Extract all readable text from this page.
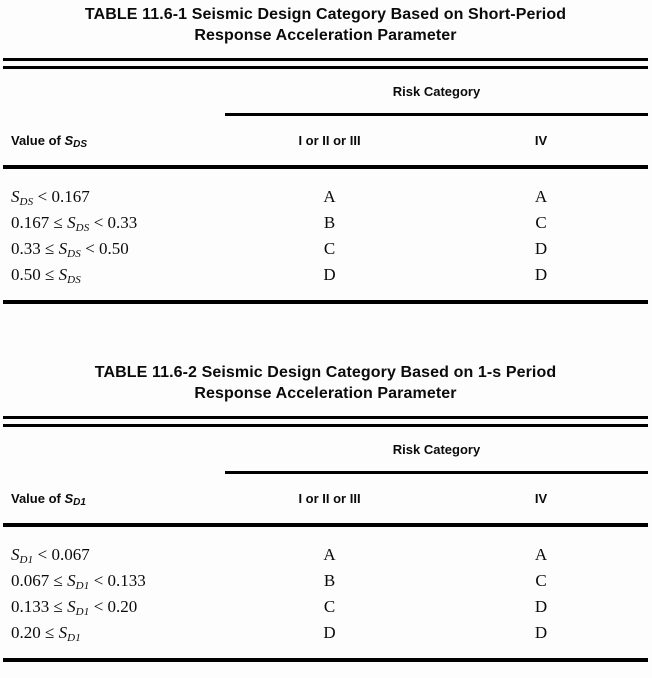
TABLE 11.6-1 Seismic Design Category Based on Short-Period
Response Acceleration Parameter
Risk Category
Value of $S_{DS}$	I or II or III	IV
$S_{DS} < 0.167$	A	A
$0.167 \le S_{DS} < 0.33$	B	C
$0.33 \le S_{DS} < 0.50$	C	D
$0.50 \le S_{DS}$	D	D
TABLE 11.6-2 Seismic Design Category Based on 1-s Period
Response Acceleration Parameter
Risk Category
Value of $S_{D1}$	I or II or III	IV
$S_{D1} < 0.067$	A	A
$0.067 \le S_{D1} < 0.133$	B	C
$0.133 \le S_{D1} < 0.20$	C	D
$0.20 \le S_{D1}$	D	D
